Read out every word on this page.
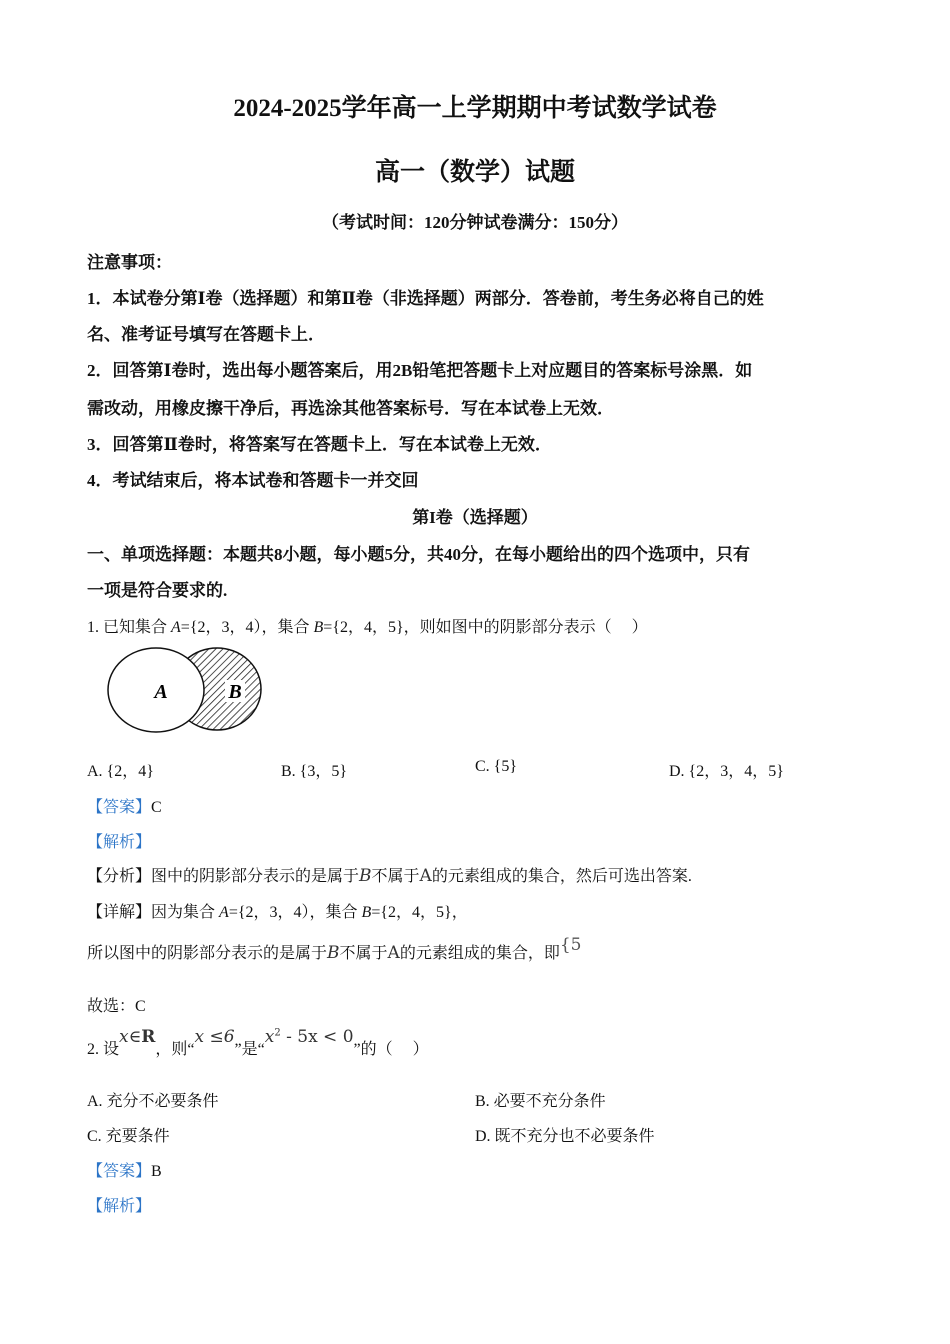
2024-2025学年高一上学期期中考试数学试卷
高一（数学）试题
（考试时间：120分钟试卷满分：150分）
注意事项：
1．本试卷分第Ⅰ卷（选择题）和第Ⅱ卷（非选择题）两部分．答卷前，考生务必将自己的姓
名、准考证号填写在答题卡上．
2．回答第Ⅰ卷时，选出每小题答案后，用2B铅笔把答题卡上对应题目的答案标号涂黑．如
需改动，用橡皮擦干净后，再选涂其他答案标号．写在本试卷上无效．
3．回答第Ⅱ卷时，将答案写在答题卡上．写在本试卷上无效．
4．考试结束后，将本试卷和答题卡一并交回
第I卷（选择题）
一、单项选择题：本题共8小题，每小题5分，共40分，在每小题给出的四个选项中，只有
一项是符合要求的.
1. 已知集合 A={2，3，4），集合 B={2，4，5}，则如图中的阴影部分表示（　 ）
A	B
A. {2，4}	B. {3，5}	C. {5}	D. {2，3，4，5}
【答案】C
【解析】
【分析】图中的阴影部分表示的是属于B不属于A的元素组成的集合，然后可选出答案.
【详解】因为集合 A={2，3，4），集合 B={2，4，5}，
所以图中的阴影部分表示的是属于B不属于A的元素组成的集合，即{5
故选：C
2. 设x∈R，则“x ≤6”是“$x^2 - 5x < 0$”的（　 ）
A. 充分不必要条件	B. 必要不充分条件
C. 充要条件	D. 既不充分也不必要条件
【答案】B
【解析】
